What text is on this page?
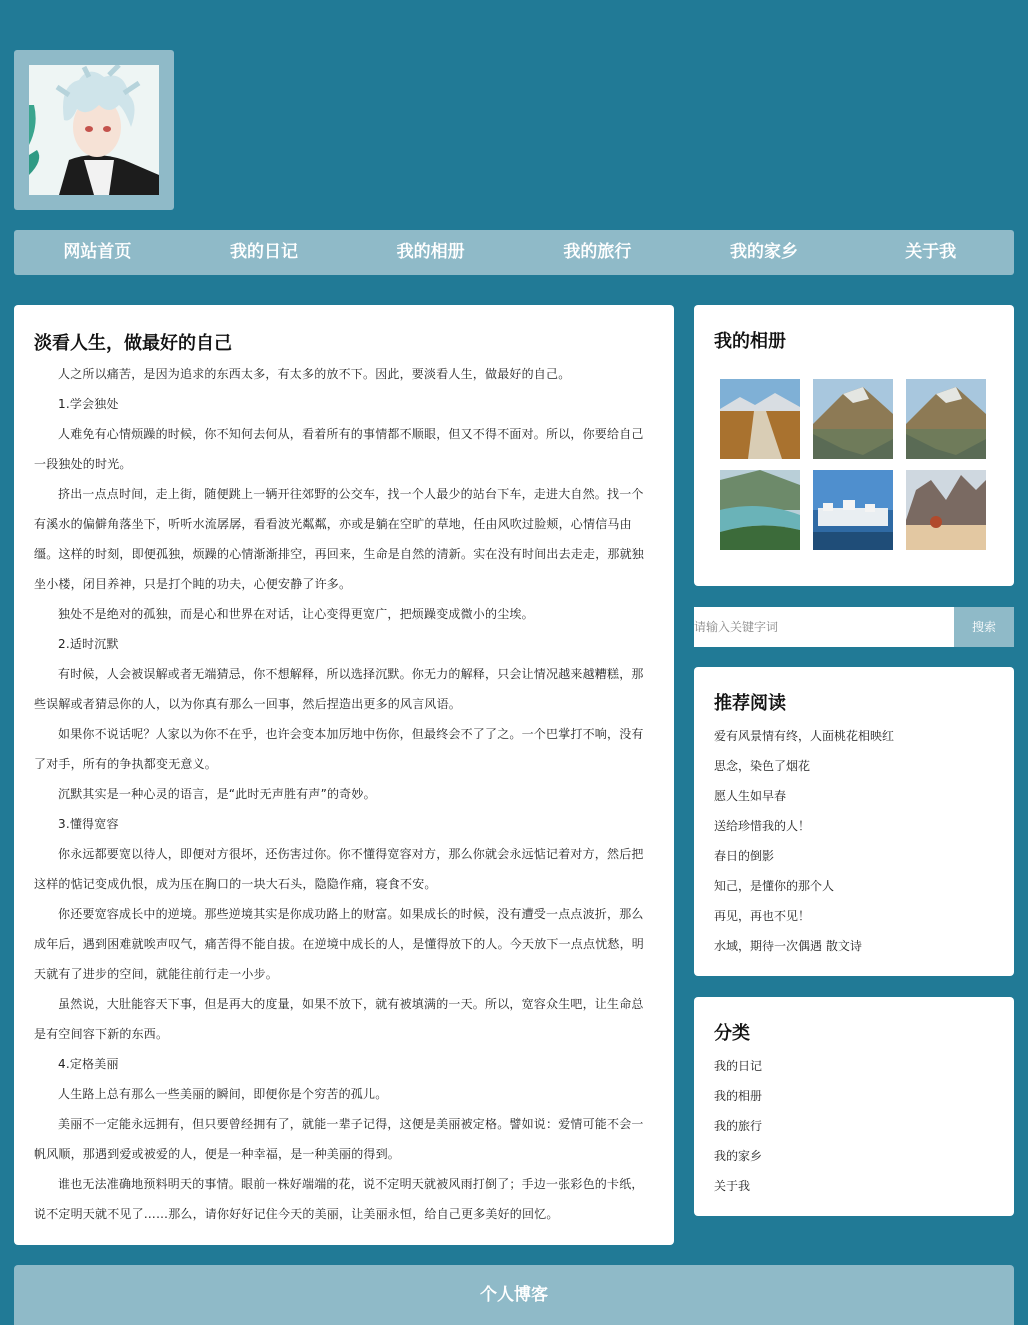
网站首页	我的日记	我的相册	我的旅行	我的家乡	关于我
淡看人生，做最好的自己

人之所以痛苦，是因为追求的东西太多，有太多的放不下。因此，要淡看人生，做最好的自己。

1.学会独处

人难免有心情烦躁的时候，你不知何去何从，看着所有的事情都不顺眼，但又不得不面对。所以，你要给自己一段独处的时光。

挤出一点点时间，走上街，随便跳上一辆开往郊野的公交车，找一个人最少的站台下车，走进大自然。找一个有溪水的偏僻角落坐下，听听水流孱孱，看看波光粼粼，亦或是躺在空旷的草地，任由风吹过脸颊，心情信马由缰。这样的时刻，即便孤独，烦躁的心情渐渐排空，再回来，生命是自然的清新。实在没有时间出去走走，那就独坐小楼，闭目养神，只是打个盹的功夫，心便安静了许多。

独处不是绝对的孤独，而是心和世界在对话，让心变得更宽广，把烦躁变成微小的尘埃。

2.适时沉默

有时候，人会被误解或者无端猜忌，你不想解释，所以选择沉默。你无力的解释，只会让情况越来越糟糕，那些误解或者猜忌你的人，以为你真有那么一回事，然后捏造出更多的风言风语。

如果你不说话呢？人家以为你不在乎，也许会变本加厉地中伤你，但最终会不了了之。一个巴掌打不响，没有了对手，所有的争执都变无意义。

沉默其实是一种心灵的语言，是“此时无声胜有声”的奇妙。

3.懂得宽容

你永远都要宽以待人，即便对方很坏，还伤害过你。你不懂得宽容对方，那么你就会永远惦记着对方，然后把这样的惦记变成仇恨，成为压在胸口的一块大石头，隐隐作痛，寝食不安。

你还要宽容成长中的逆境。那些逆境其实是你成功路上的财富。如果成长的时候，没有遭受一点点波折，那么成年后，遇到困难就唉声叹气，痛苦得不能自拔。在逆境中成长的人，是懂得放下的人。今天放下一点点忧愁，明天就有了进步的空间，就能往前行走一小步。

虽然说，大肚能容天下事，但是再大的度量，如果不放下，就有被填满的一天。所以，宽容众生吧，让生命总是有空间容下新的东西。

4.定格美丽

人生路上总有那么一些美丽的瞬间，即便你是个穷苦的孤儿。

美丽不一定能永远拥有，但只要曾经拥有了，就能一辈子记得，这便是美丽被定格。譬如说：爱情可能不会一帆风顺，那遇到爱或被爱的人，便是一种幸福，是一种美丽的得到。

谁也无法准确地预料明天的事情。眼前一株好端端的花，说不定明天就被风雨打倒了；手边一张彩色的卡纸，说不定明天就不见了……那么，请你好好记住今天的美丽，让美丽永恒，给自己更多美好的回忆。

我的相册
请输入关键字词
搜索
推荐阅读
爱有风景情有终，人面桃花相映红
思念，染色了烟花
愿人生如早春
送给珍惜我的人！
春日的倒影
知己，是懂你的那个人
再见，再也不见！
水域，期待一次偶遇 散文诗
分类
我的日记
我的相册
我的旅行
我的家乡
关于我
个人博客
